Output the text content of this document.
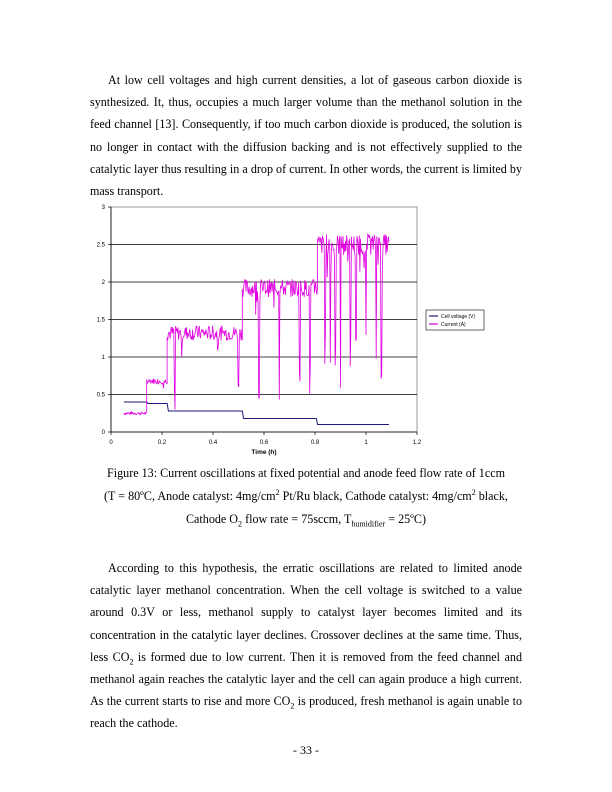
At low cell voltages and high current densities, a lot of gaseous carbon dioxide is synthesized. It, thus, occupies a much larger volume than the methanol solution in the feed channel [13]. Consequently, if too much carbon dioxide is produced, the solution is no longer in contact with the diffusion backing and is not effectively supplied to the catalytic layer thus resulting in a drop of current. In other words, the current is limited by mass transport.

0
0.5
1
1.5
2
2.5
3
0	0.2	0.4	0.6	0.8	1	1.2
Time (h)
Cell voltage (V)
Current (A)

Figure 13: Current oscillations at fixed potential and anode feed flow rate of 1ccm

(T = 80ºC, Anode catalyst: $4mg/cm^2$ Pt/Ru black, Cathode catalyst: $4mg/cm^2$ black,

Cathode $O_2$ flow rate = 75sccm, $T_{humidifier}$ = 25ºC)

According to this hypothesis, the erratic oscillations are related to limited anode catalytic layer methanol concentration. When the cell voltage is switched to a value around 0.3V or less, methanol supply to catalyst layer becomes limited and its concentration in the catalytic layer declines. Crossover declines at the same time. Thus, less $CO_2$ is formed due to low current. Then it is removed from the feed channel and methanol again reaches the catalytic layer and the cell can again produce a high current. As the current starts to rise and more $CO_2$ is produced, fresh methanol is again unable to reach the cathode.

- 33 -
